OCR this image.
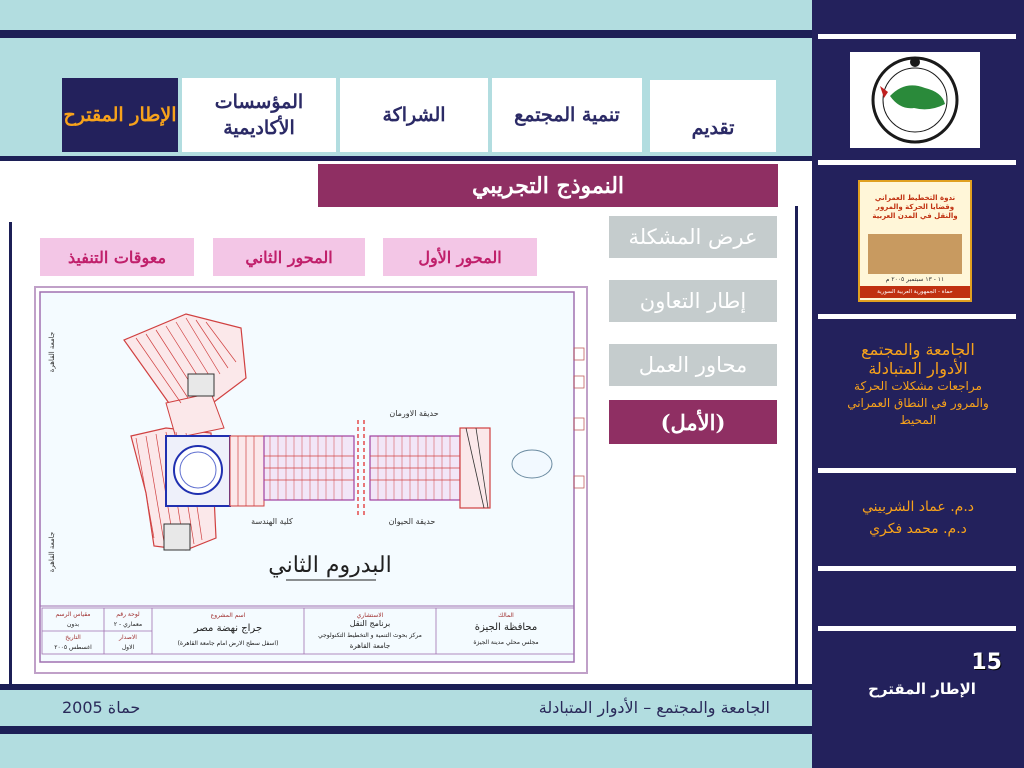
الإطار المقترح
المؤسسات الأكاديمية
الشراكة	تنمية المجتمع
تقديم
النموذج التجريبي
عرض المشكلة
إطار التعاون
محاور العمل
(الأمل)
المحور الأول
المحور الثاني
معوقات التنفيذ
حديقة الاورمان
كلية الهندسة	حديقة الحيوان
جامعة القاهرة
جامعة القاهرة	البدروم الثاني
المالك
محافظة الجيزة
مجلس محلي مدينة الجيزة
الاستشاري
برنامج النقل
مركز بحوث التنمية و التخطيط التكنولوجي
جامعة القاهرة
اسم المشروع
جراج نهضة مصر
(اسفل سطح الارض امام جامعة القاهرة)
لوحة رقم
معماري - ٢
الاصدار
الاول
مقياس الرسم
بدون
التاريخ
اغسطس ٢٠٠٥
الجامعة والمجتمع – الأدوار المتبادلة
حماة 2005
ندوة التخطيط العمراني وقضايا الحركة والمرور والنقل في المدن العربية
١١ - ١٣ سبتمبر ٢٠٠٥ م
حماة - الجمهورية العربية السورية
الجامعة والمجتمع
الأدوار المتبادلة
مراجعات مشكلات الحركة
والمرور في النطاق العمراني
المحيط
د.م. عماد الشربيني
د.م. محمد فكري
15
الإطار المقترح
